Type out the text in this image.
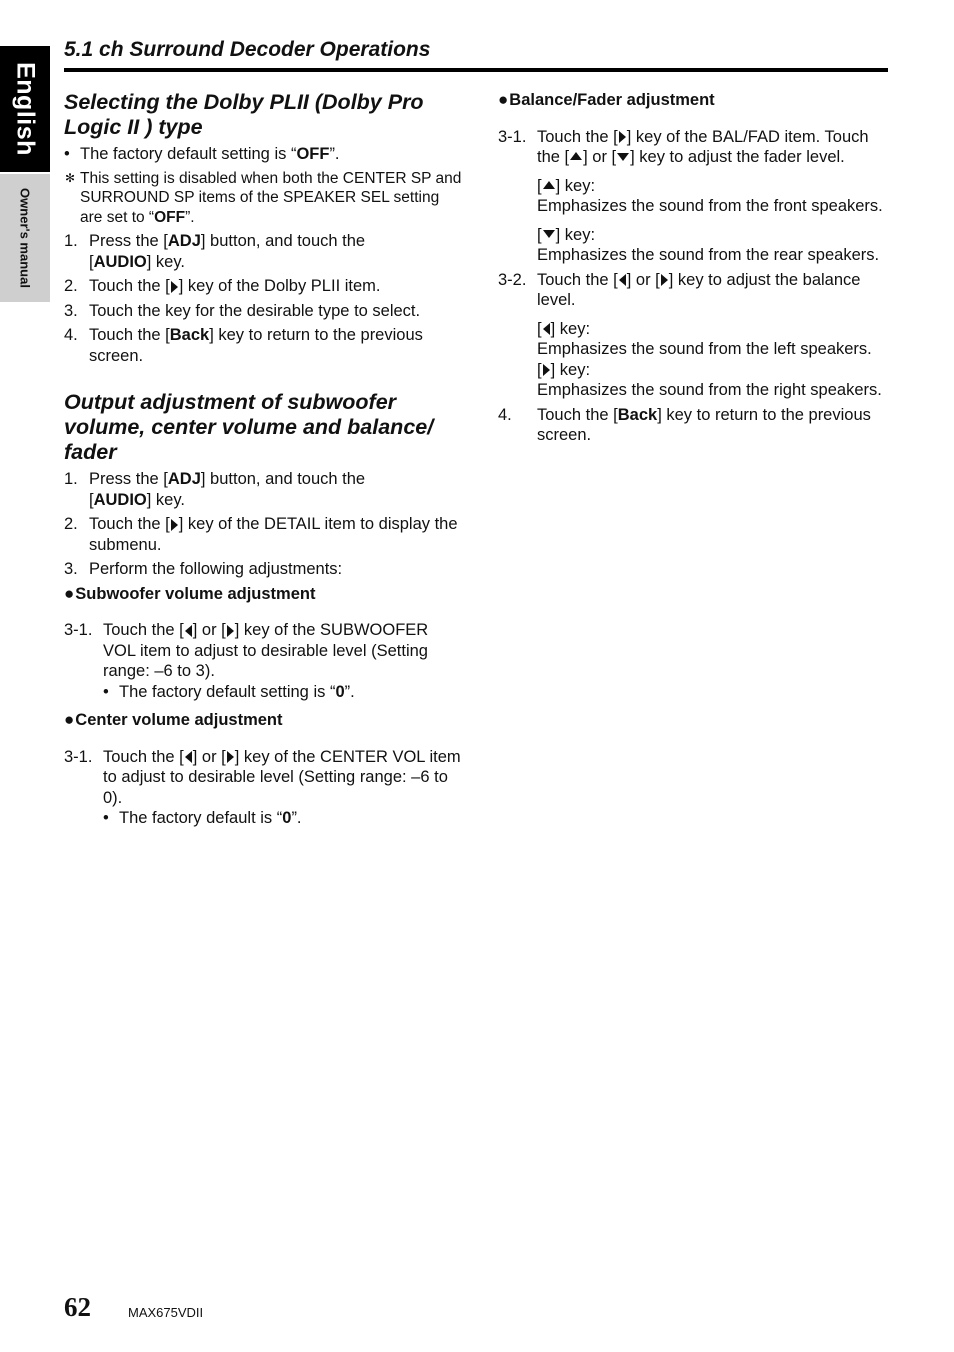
English
Owner's manual
5.1 ch Surround Decoder Operations
Selecting the Dolby PLII (Dolby Pro
Logic II ) type
• The factory default setting is “OFF”.
✻ This setting is disabled when both the CENTER SP and SURROUND SP items of the SPEAKER SEL setting are set to “OFF”.
1. Press the [ADJ] button, and touch the
[AUDIO] key.
2. Touch the [ ] key of the Dolby PLII item.
3. Touch the key for the desirable type to select.
4. Touch the [Back] key to return to the previous screen.
Output adjustment of subwoofer
volume, center volume and balance/
fader
1. Press the [ADJ] button, and touch the
[AUDIO] key.
2. Touch the [ ] key of the DETAIL item to display the submenu.
3. Perform the following adjustments:
●Subwoofer volume adjustment
3-1. Touch the [ ] or [ ] key of the SUBWOOFER VOL item to adjust to desirable level (Setting range: –6 to 3).
• The factory default setting is “0”.
●Center volume adjustment
3-1. Touch the [ ] or [ ] key of the CENTER VOL item to adjust to desirable level (Setting range: –6 to 0).
• The factory default is “0”.
●Balance/Fader adjustment
3-1. Touch the [ ] key of the BAL/FAD item. Touch the [ ] or [ ] key to adjust the fader level.
[ ] key:
Emphasizes the sound from the front speakers.
[ ] key:
Emphasizes the sound from the rear speakers.
3-2. Touch the [ ] or [ ] key to adjust the balance level.
[ ] key:
Emphasizes the sound from the left speakers.
[ ] key:
Emphasizes the sound from the right speakers.
4. Touch the [Back] key to return to the previous screen.
62	MAX675VDII
